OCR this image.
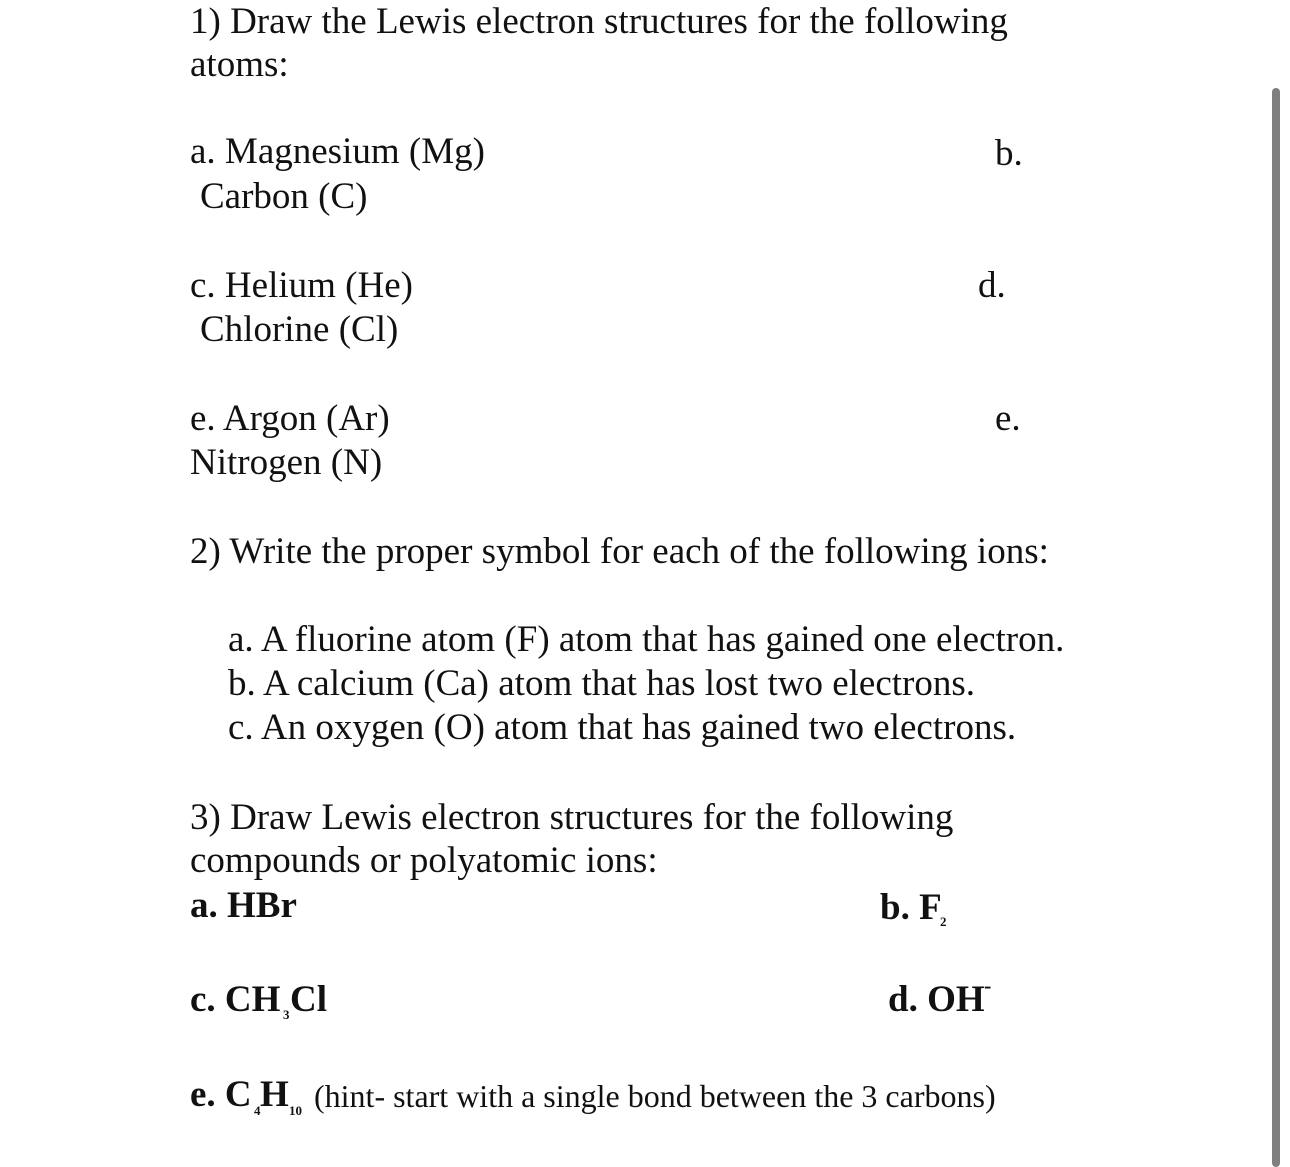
1) Draw the Lewis electron structures for the following
atoms:
a. Magnesium (Mg)	b.
Carbon (C)
c. Helium (He)	d.
Chlorine (Cl)
e. Argon (Ar)	e.
Nitrogen (N)
2) Write the proper symbol for each of the following ions:
a. A fluorine atom (F) atom that has gained one electron.
b. A calcium (Ca) atom that has lost two electrons.
c. An oxygen (O) atom that has gained two electrons.
3) Draw Lewis electron structures for the following
compounds or polyatomic ions:
a. HBr	b. F
2
c. CH 3 Cl	d. OH -
e. C 4 H 10 (hint- start with a single bond between the 3 carbons)
